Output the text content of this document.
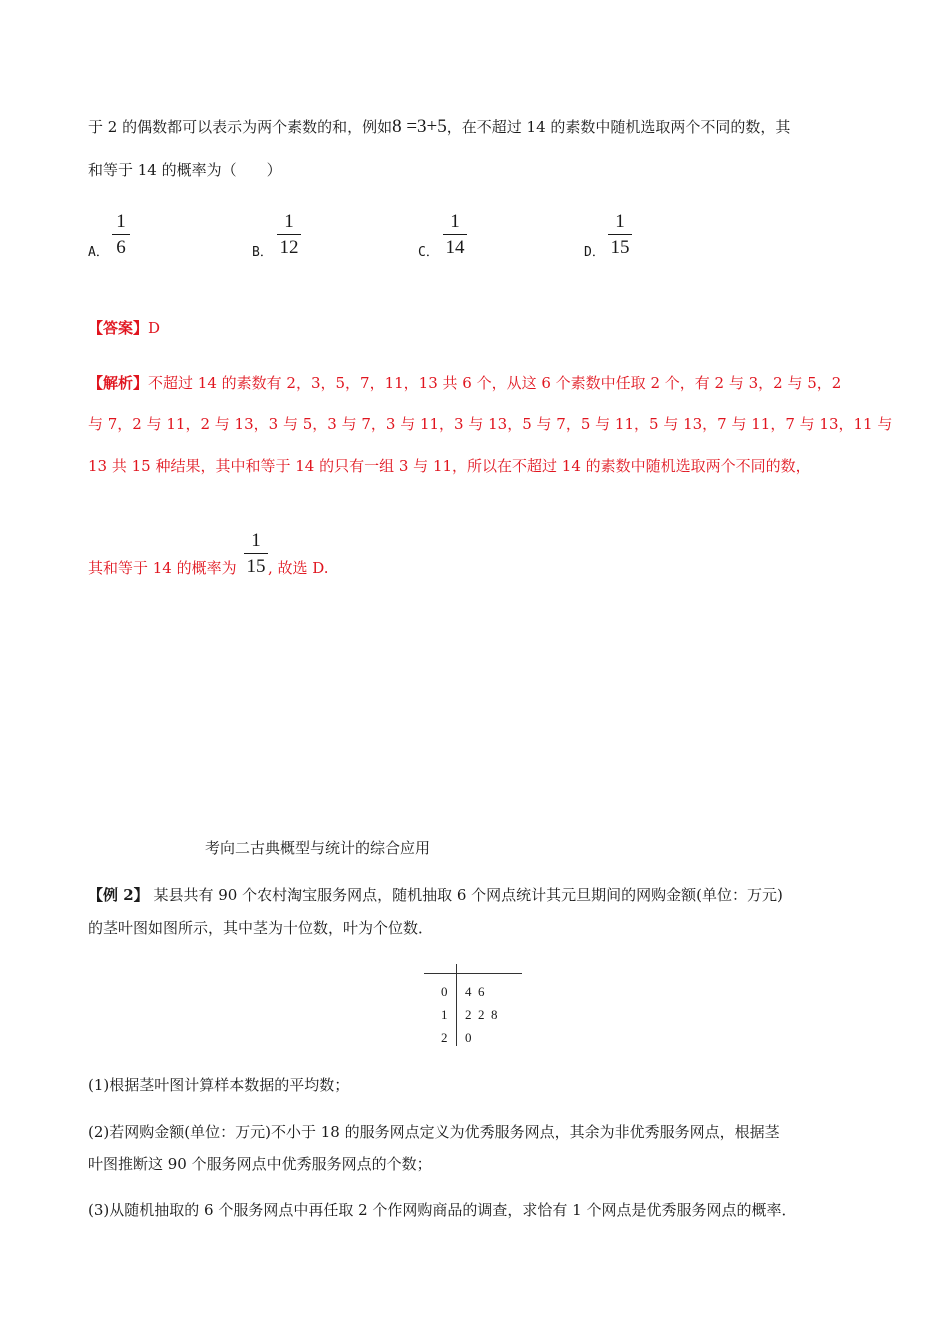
于 2 的偶数都可以表示为两个素数的和，例如8 =3+5，在不超过 14 的素数中随机选取两个不同的数，其
和等于 14 的概率为（　　）
A．
1
6	B．
1
12	C．
1
14	D．
1
15
【答案】D
【解析】不超过 14 的素数有 2，3，5，7，11，13 共 6 个，从这 6 个素数中任取 2 个，有 2 与 3，2 与 5，2
与 7，2 与 11，2 与 13，3 与 5，3 与 7，3 与 11，3 与 13，5 与 7，5 与 11，5 与 13，7 与 11，7 与 13，11 与
13 共 15 种结果，其中和等于 14 的只有一组 3 与 11，所以在不超过 14 的素数中随机选取两个不同的数，
其和等于 14 的概率为
1
15 , 故选 D.
考向二古典概型与统计的综合应用
【例 2】 某县共有 90 个农村淘宝服务网点，随机抽取 6 个网点统计其元旦期间的网购金额(单位：万元)
的茎叶图如图所示，其中茎为十位数，叶为个位数．
0 4  6
1 2  2  8
2 0
(1)根据茎叶图计算样本数据的平均数；
(2)若网购金额(单位：万元)不小于 18 的服务网点定义为优秀服务网点，其余为非优秀服务网点，根据茎
叶图推断这 90 个服务网点中优秀服务网点的个数；
(3)从随机抽取的 6 个服务网点中再任取 2 个作网购商品的调查，求恰有 1 个网点是优秀服务网点的概率．
